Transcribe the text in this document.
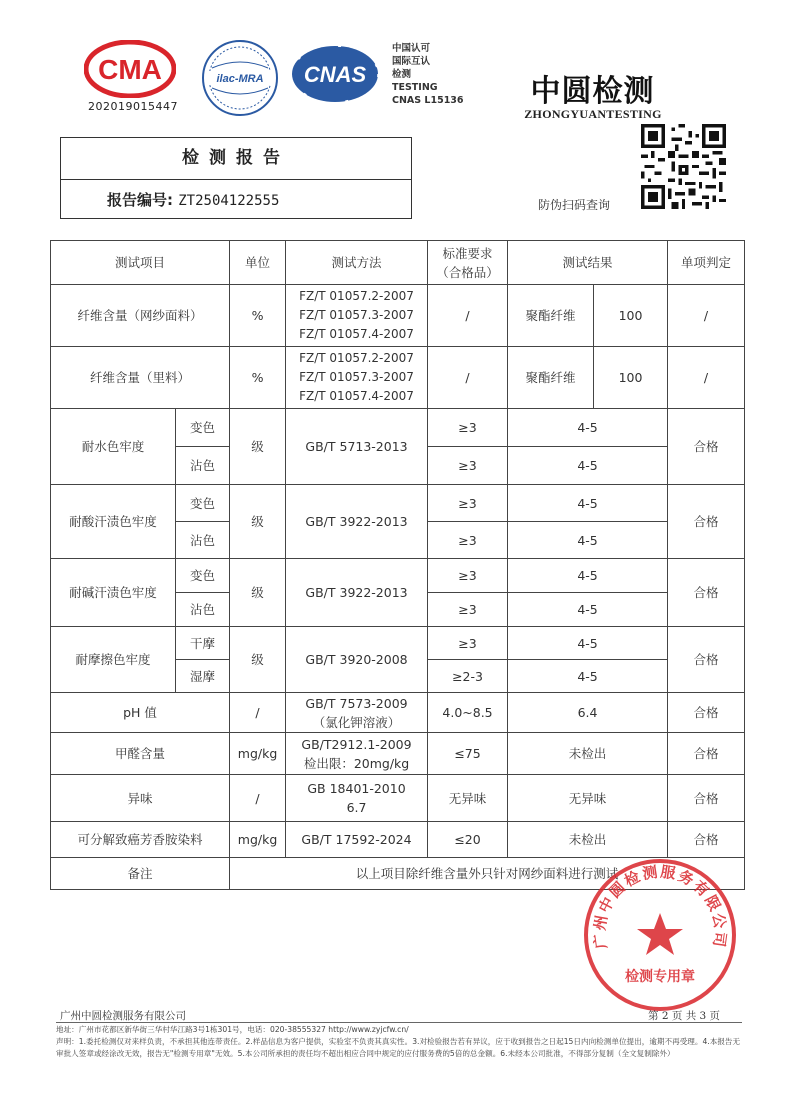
CMA
202019015447
ilac-MRA CNAS
中国认可
国际互认
检测
TESTING
CNAS L15136	中圆检测
ZHONGYUANTESTING
防伪扫码查询
检测报告
报告编号: ZT2504122555
测试项目		单位	测试方法	标准要求
（合格品）	测试结果		单项判定
纤维含量（网纱面料）		%	FZ/T 01057.2-2007
FZ/T 01057.3-2007
FZ/T 01057.4-2007	/	聚酯纤维	100	/
纤维含量（里料）		%	FZ/T 01057.2-2007
FZ/T 01057.3-2007
FZ/T 01057.4-2007	/	聚酯纤维	100	/
耐水色牢度	变色	级	GB/T 5713-2013	≥3	4-5		合格
	沾色			≥3	4-5		
耐酸汗渍色牢度	变色	级	GB/T 3922-2013	≥3	4-5		合格
	沾色			≥3	4-5		
耐碱汗渍色牢度	变色	级	GB/T 3922-2013	≥3	4-5		合格
	沾色			≥3	4-5		
耐摩擦色牢度	干摩	级	GB/T 3920-2008	≥3	4-5		合格
	湿摩			≥2-3	4-5		
pH 值		/	GB/T 7573-2009
（氯化钾溶液）	4.0~8.5	6.4		合格
甲醛含量		mg/kg	GB/T2912.1-2009
检出限：20mg/kg	≤75	未检出		合格
异味		/	GB 18401-2010
6.7	无异味	无异味		合格
可分解致癌芳香胺染料		mg/kg	GB/T 17592-2024	≤20	未检出		合格
备注		以上项目除纤维含量外只针对网纱面料进行测试					
广州中圆检测服务有限公司
检测专用章
广州中圆检测服务有限公司	第 2 页 共 3 页
地址：广州市花都区新华街三华村华江路3号1栋301号，电话：020-38555327 http://www.zyjcfw.cn/
声明：1.委托检测仅对来样负责，不承担其他连带责任。2.样品信息为客户提供，实验室不负责其真实性。3.对检验报告若有异议，应于收到报告之日起15日内向检测单位提出，逾期不再受理。4.本报告无审批人签章或经涂改无效，报告无"检测专用章"无效。5.本公司所承担的责任均不超出相应合同中规定的应付服务费的5倍的总金额。6.未经本公司批准，不得部分复制（全文复制除外）
